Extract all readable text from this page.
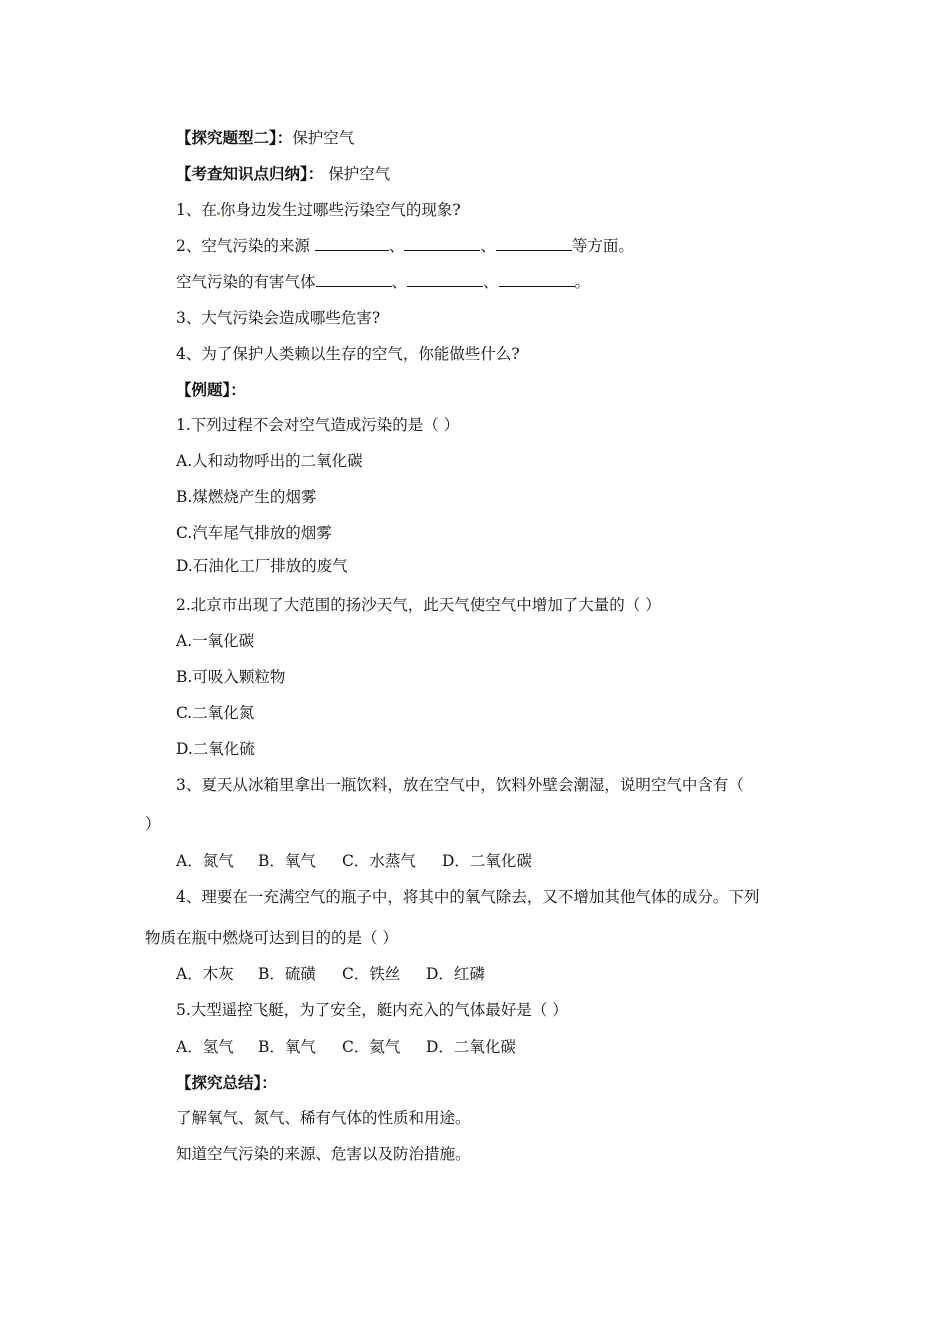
【探究题型二】：保护空气
【考查知识点归纳】： 保护空气
1、在 你身边发生过哪些污染空气的现象?
2、空气污染的来源	、	、	等方面。
空气污染的有害气体	、	、	。
3、大气污染会造成哪些危害?
4、为了保护人类赖以生存的空气，你能做些什么?
【例题】：
1.下列过程不会对空气造成污染的是（ ）
A.人和动物呼出的二氧化碳
B.煤燃烧产生的烟雾
C.汽车尾气排放的烟雾
D.石油化工厂排放的废气
2.北京市出现了大范围的扬沙天气，此天气使空气中增加了大量的（ ）
A.一氧化碳
B.可吸入颗粒物
C.二氧化氮
D.二氧化硫
3、夏天从冰箱里拿出一瓶饮料，放在空气中，饮料外壁会潮湿，说明空气中含有（
）
A．氮气 B．氧气 C．水蒸气 D．二氧化碳
4、理要在一充满空气的瓶子中，将其中的氧气除去，又不增加其他气体的成分。下列
物质在瓶中燃烧可达到目的的是（ ）
A．木灰 B．硫磺 C．铁丝 D．红磷
5.大型遥控飞艇，为了安全，艇内充入的气体最好是（ ）
A．氢气 B．氧气 C．氦气 D．二氧化碳
【探究总结】：
了解氧气、氮气、稀有气体的性质和用途。
知道空气污染的来源、危害以及防治措施。
